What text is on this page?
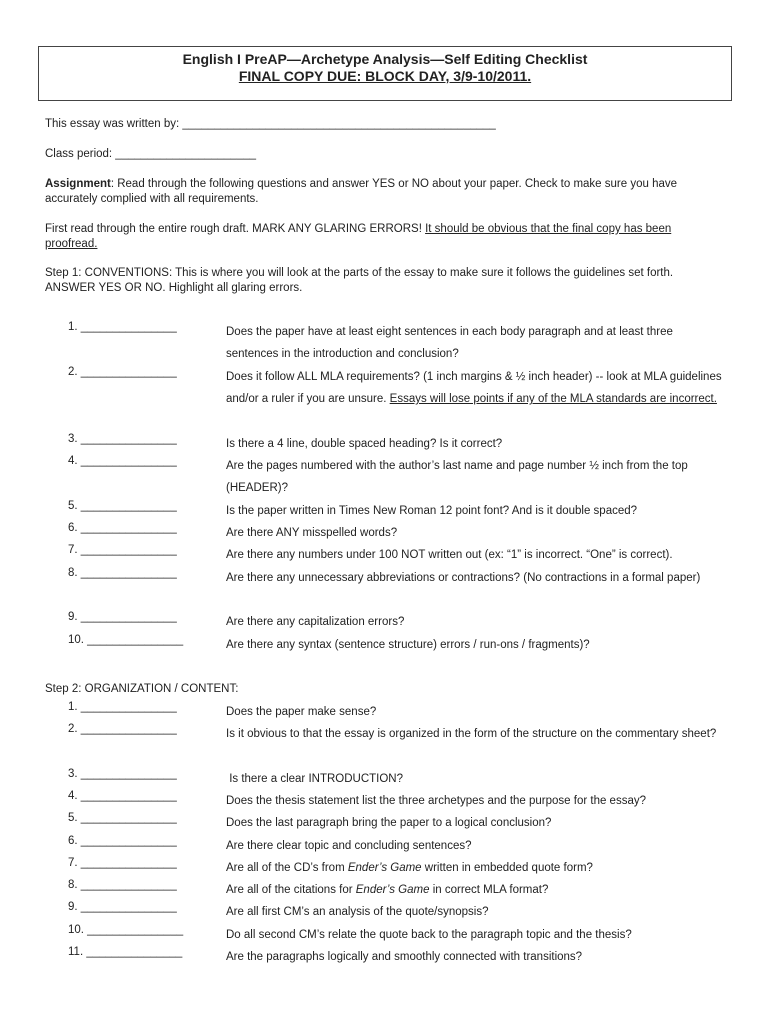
English I PreAP—Archetype Analysis—Self Editing Checklist
FINAL COPY DUE: BLOCK DAY, 3/9-10/2011.
This essay was written by: _________________________________________________
Class period: ______________________
Assignment: Read through the following questions and answer YES or NO about your paper. Check to make sure you have accurately complied with all requirements.
First read through the entire rough draft. MARK ANY GLARING ERRORS! It should be obvious that the final copy has been proofread.
Step 1: CONVENTIONS: This is where you will look at the parts of the essay to make sure it follows the guidelines set forth. ANSWER YES OR NO. Highlight all glaring errors.
1. _______________	Does the paper have at least eight sentences in each body paragraph and at least three sentences in the introduction and conclusion?
2. _______________	Does it follow ALL MLA requirements? (1 inch margins & ½ inch header) -- look at MLA guidelines and/or a ruler if you are unsure. Essays will lose points if any of the MLA standards are incorrect.
3. _______________	Is there a 4 line, double spaced heading? Is it correct?
4. _______________	Are the pages numbered with the author’s last name and page number ½ inch from the top (HEADER)?
5. _______________	Is the paper written in Times New Roman 12 point font? And is it double spaced?
6. _______________	Are there ANY misspelled words?
7. _______________	Are there any numbers under 100 NOT written out (ex: “1” is incorrect. “One” is correct).
8. _______________	Are there any unnecessary abbreviations or contractions? (No contractions in a formal paper)
9. _______________	Are there any capitalization errors?
10. _______________	Are there any syntax (sentence structure) errors / run-ons / fragments)?
Step 2: ORGANIZATION / CONTENT:
1. _______________	Does the paper make sense?
2. _______________	Is it obvious to that the essay is organized in the form of the structure on the commentary sheet?
3. _______________	Is there a clear INTRODUCTION?
4. _______________	Does the thesis statement list the three archetypes and the purpose for the essay?
5. _______________	Does the last paragraph bring the paper to a logical conclusion?
6. _______________	Are there clear topic and concluding sentences?
7. _______________	Are all of the CD’s from Ender’s Game written in embedded quote form?
8. _______________	Are all of the citations for Ender’s Game in correct MLA format?
9. _______________	Are all first CM’s an analysis of the quote/synopsis?
10. _______________	Do all second CM’s relate the quote back to the paragraph topic and the thesis?
11. _______________	Are the paragraphs logically and smoothly connected with transitions?
